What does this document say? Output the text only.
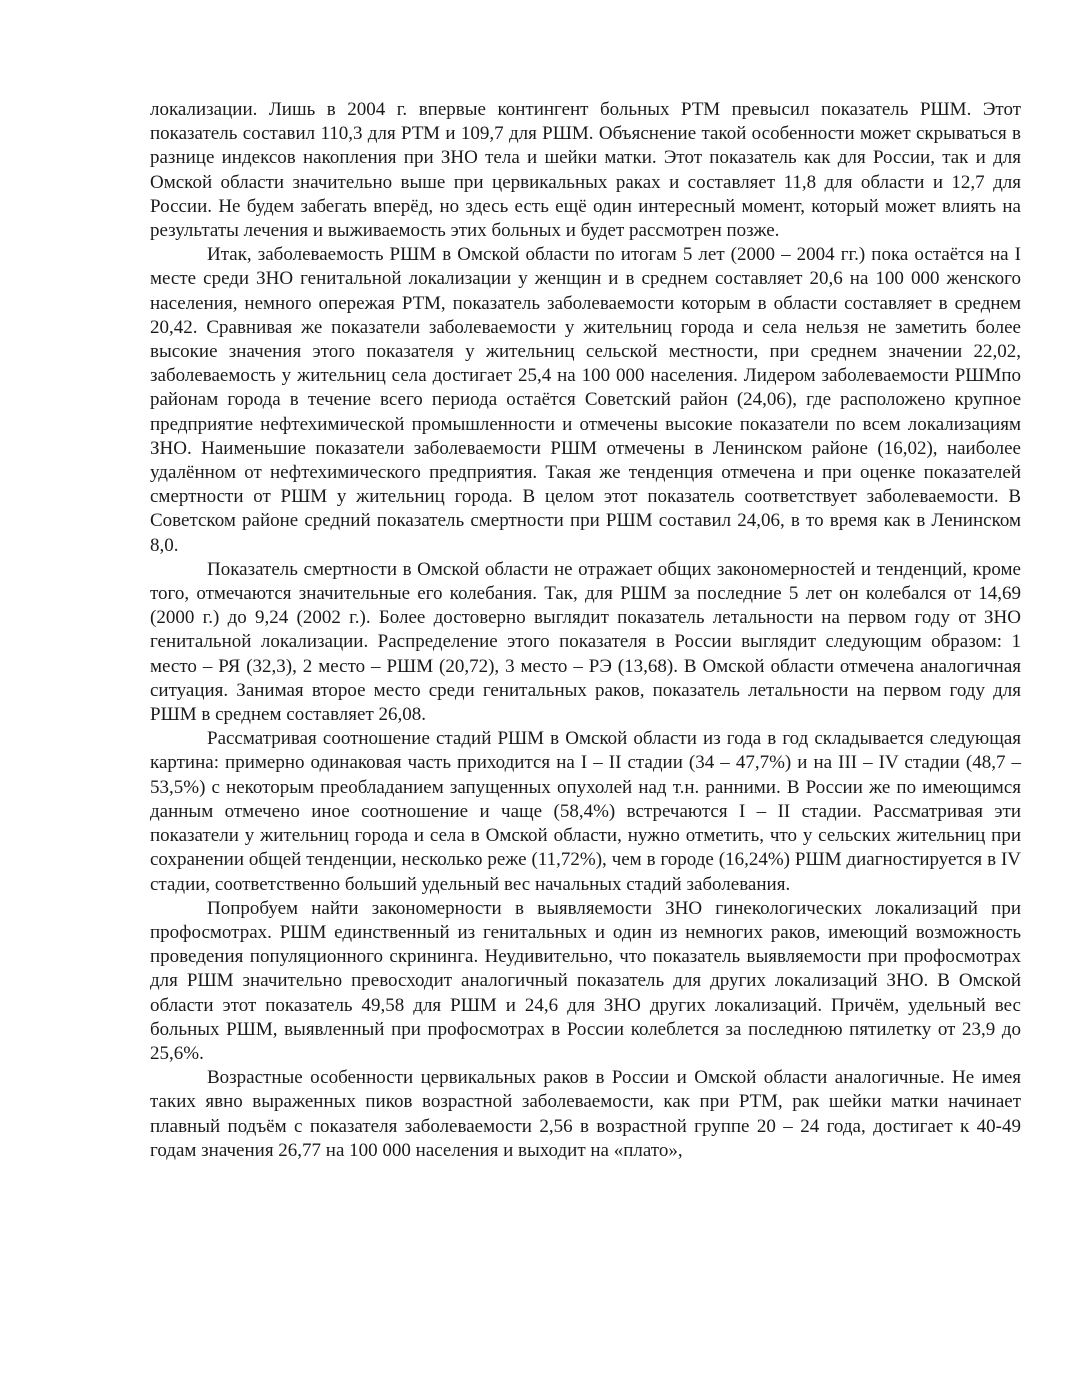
локализации. Лишь в 2004 г. впервые контингент больных РТМ превысил показатель РШМ. Этот показатель составил 110,3 для РТМ и 109,7 для РШМ. Объяснение такой особенности может скрываться в разнице индексов накопления при ЗНО тела и шейки матки. Этот показатель как для России, так и для Омской области значительно выше при цервикальных раках и составляет 11,8 для области и 12,7 для России. Не будем забегать вперёд, но здесь есть ещё один интересный момент, который может влиять на результаты лечения и выживаемость этих больных и будет рассмотрен позже.

Итак, заболеваемость РШМ в Омской области по итогам 5 лет (2000 – 2004 гг.) пока остаётся на I месте среди ЗНО генитальной локализации у женщин и в среднем составляет 20,6 на 100 000 женского населения, немного опережая РТМ, показатель заболеваемости которым в области составляет в среднем 20,42. Сравнивая же показатели заболеваемости у жительниц города и села нельзя не заметить более высокие значения этого показателя у жительниц сельской местности, при среднем значении 22,02, заболеваемость у жительниц села достигает 25,4 на 100 000 населения. Лидером заболеваемости РШМпо районам города в течение всего периода остаётся Советский район (24,06), где расположено крупное предприятие нефтехимической промышленности и отмечены высокие показатели по всем локализациям ЗНО. Наименьшие показатели заболеваемости РШМ отмечены в Ленинском районе (16,02), наиболее удалённом от нефтехимического предприятия. Такая же тенденция отмечена и при оценке показателей смертности от РШМ у жительниц города. В целом этот показатель соответствует заболеваемости. В Советском районе средний показатель смертности при РШМ составил 24,06, в то время как в Ленинском 8,0.

Показатель смертности в Омской области не отражает общих закономерностей и тенденций, кроме того, отмечаются значительные его колебания. Так, для РШМ за последние 5 лет он колебался от 14,69 (2000 г.) до 9,24 (2002 г.). Более достоверно выглядит показатель летальности на первом году от ЗНО генитальной локализации. Распределение этого показателя в России выглядит следующим образом: 1 место – РЯ (32,3), 2 место – РШМ (20,72), 3 место – РЭ (13,68). В Омской области отмечена аналогичная ситуация. Занимая второе место среди генитальных раков, показатель летальности на первом году для РШМ в среднем составляет 26,08.

Рассматривая соотношение стадий РШМ в Омской области из года в год складывается следующая картина: примерно одинаковая часть приходится на I – II стадии (34 – 47,7%) и на III – IV стадии (48,7 – 53,5%) с некоторым преобладанием запущенных опухолей над т.н. ранними. В России же по имеющимся данным отмечено иное соотношение и чаще (58,4%) встречаются I – II стадии. Рассматривая эти показатели у жительниц города и села в Омской области, нужно отметить, что у сельских жительниц при сохранении общей тенденции, несколько реже (11,72%), чем в городе (16,24%) РШМ диагностируется в IV стадии, соответственно больший удельный вес начальных стадий заболевания.

Попробуем найти закономерности в выявляемости ЗНО гинекологических локализаций при профосмотрах. РШМ единственный из генитальных и один из немногих раков, имеющий возможность проведения популяционного скрининга. Неудивительно, что показатель выявляемости при профосмотрах для РШМ значительно превосходит аналогичный показатель для других локализаций ЗНО. В Омской области этот показатель 49,58 для РШМ и 24,6 для ЗНО других локализаций. Причём, удельный вес больных РШМ, выявленный при профосмотрах в России колеблется за последнюю пятилетку от 23,9 до 25,6%.

Возрастные особенности цервикальных раков в России и Омской области аналогичные. Не имея таких явно выраженных пиков возрастной заболеваемости, как при РТМ, рак шейки матки начинает плавный подъём с показателя заболеваемости 2,56 в возрастной группе 20 – 24 года, достигает к 40-49 годам значения 26,77 на 100 000 населения и выходит на «плато»,
